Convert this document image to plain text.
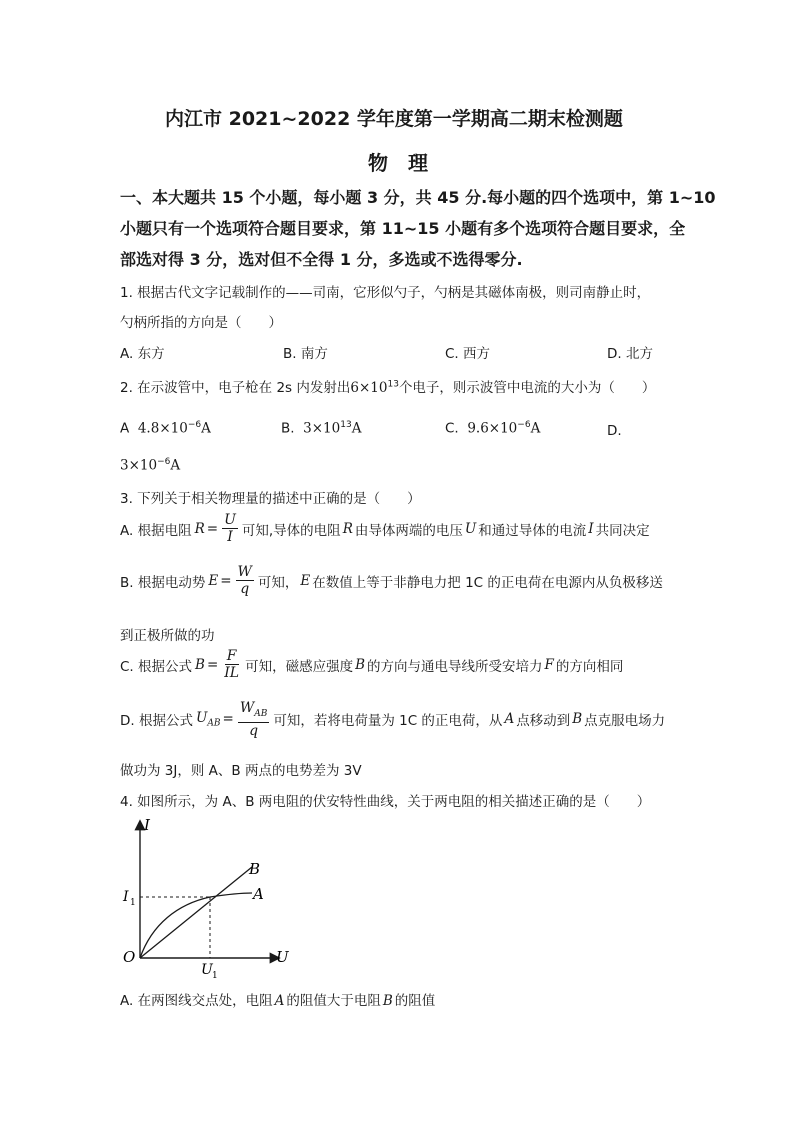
内江市 2021~2022 学年度第一学期高二期末检测题
物　理
一、本大题共 15 个小题，每小题 3 分，共 45 分.每小题的四个选项中，第 1~10
小题只有一个选项符合题目要求，第 11~15 小题有多个选项符合题目要求，全
部选对得 3 分，选对但不全得 1 分，多选或不选得零分.
1. 根据古代文字记载制作的——司南，它形似勺子，勺柄是其磁体南极，则司南静止时，
勺柄所指的方向是（　　）
A. 东方	B. 南方	C. 西方	D. 北方
2. 在示波管中，电子枪在 2s 内发射出$6\times 10^{13}$个电子，则示波管中电流的大小为（　　）
A $4.8\times 10^{-6}A$	B. $3\times 10^{13}A$	C. $9.6\times 10^{-6}A$	D.
$3\times 10^{-6}A$
3. 下列关于相关物理量的描述中正确的是（　　）
A. 根据电阻 $R = \frac{U}{I}$ 可知,导体的电阻 R 由导体两端的电压 U 和通过导体的电流 I 共同决定
B. 根据电动势 $E = \frac{W}{q}$ 可知， E 在数值上等于非静电力把 1C 的正电荷在电源内从负极移送
到正极所做的功
C. 根据公式 $B = \frac{F}{IL}$ 可知，磁感应强度 B 的方向与通电导线所受安培力 F 的方向相同
D. 根据公式 $U_{AB} = \frac{W_{AB}}{q}$ 可知，若将电荷量为 1C 的正电荷，从 A 点移动到 B 点克服电场力
做功为 3J，则 A、B 两点的电势差为 3V
4. 如图所示，为 A、B 两电阻的伏安特性曲线，关于两电阻的相关描述正确的是（　　）
I
U
O
I 1
U 1
B
A
A. 在两图线交点处，电阻 A 的阻值大于电阻 B 的阻值
